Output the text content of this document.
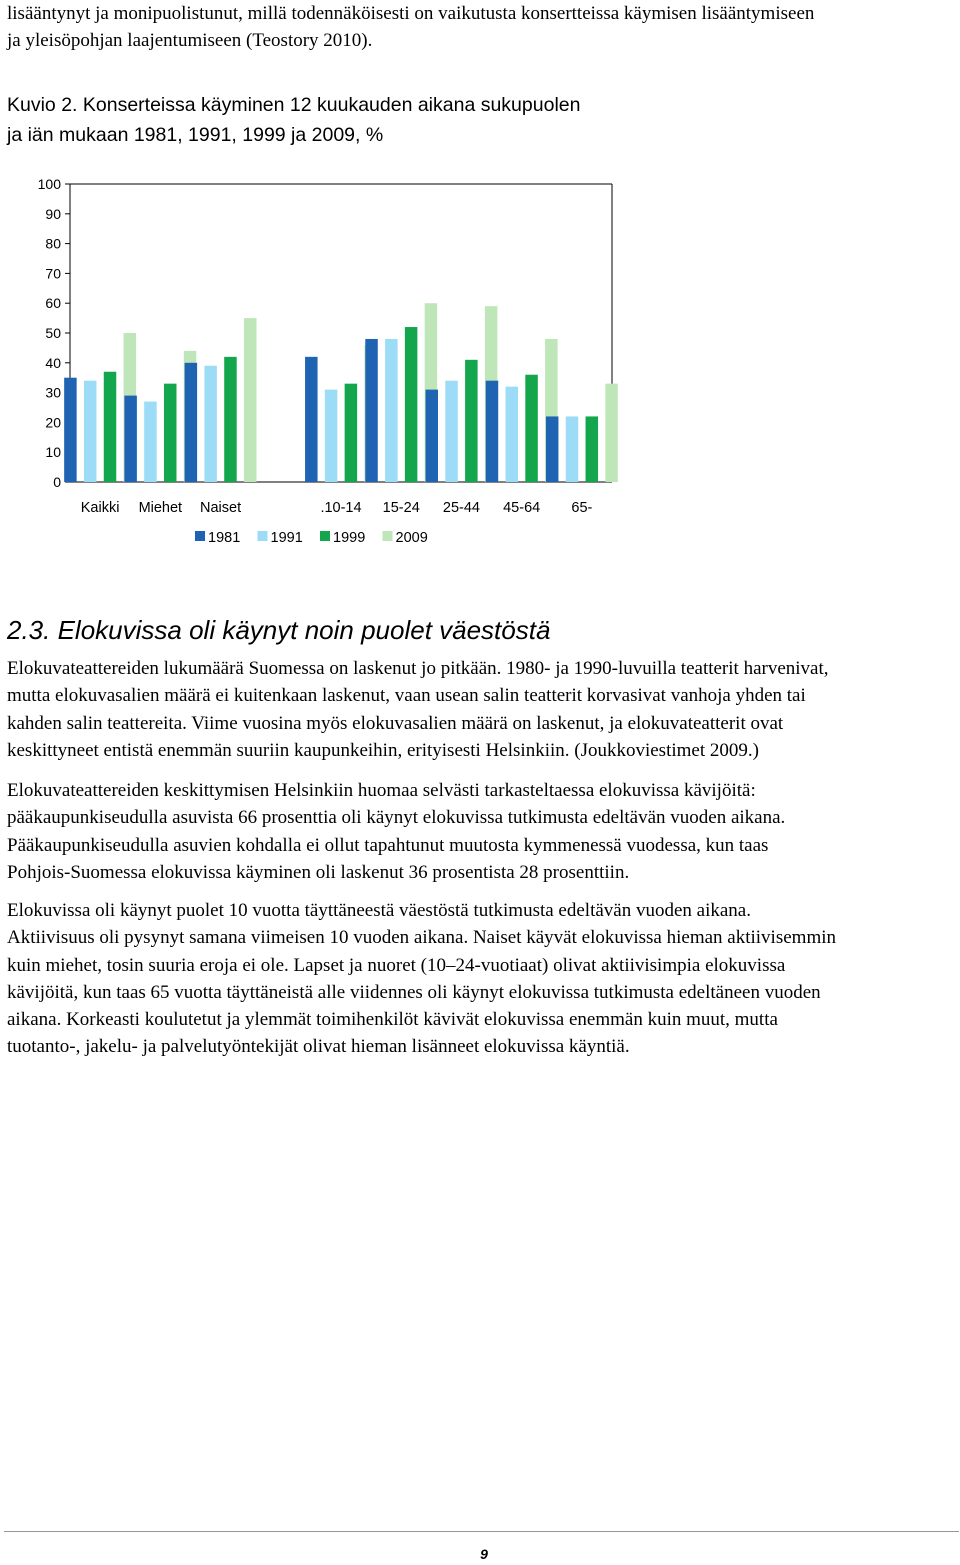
lisääntynyt ja monipuolistunut, millä todennäköisesti on vaikutusta konsertteissa käymisen lisääntymiseen
ja yleisöpohjan laajentumiseen (Teostory 2010).
Kuvio 2. Konserteissa käyminen 12 kuukauden aikana sukupuolen
ja iän mukaan 1981, 1991, 1999 ja 2009, %
0
10
20
30
40
50
60
70
80
90
100
Kaikki Miehet Naiset	.10-14 15-24 25-44 45-64 65-
1981 1991 1999 2009
2.3. Elokuvissa oli käynyt noin puolet väestöstä
Elokuvateattereiden lukumäärä Suomessa on laskenut jo pitkään. 1980- ja 1990-luvuilla teatterit harvenivat,
mutta elokuvasalien määrä ei kuitenkaan laskenut, vaan usean salin teatterit korvasivat vanhoja yhden tai
kahden salin teattereita. Viime vuosina myös elokuvasalien määrä on laskenut, ja elokuvateatterit ovat
keskittyneet entistä enemmän suuriin kaupunkeihin, erityisesti Helsinkiin. (Joukkoviestimet 2009.)
Elokuvateattereiden keskittymisen Helsinkiin huomaa selvästi tarkasteltaessa elokuvissa kävijöitä:
pääkaupunkiseudulla asuvista 66 prosenttia oli käynyt elokuvissa tutkimusta edeltävän vuoden aikana.
Pääkaupunkiseudulla asuvien kohdalla ei ollut tapahtunut muutosta kymmenessä vuodessa, kun taas
Pohjois-Suomessa elokuvissa käyminen oli laskenut 36 prosentista 28 prosenttiin.
Elokuvissa oli käynyt puolet 10 vuotta täyttäneestä väestöstä tutkimusta edeltävän vuoden aikana.
Aktiivisuus oli pysynyt samana viimeisen 10 vuoden aikana. Naiset käyvät elokuvissa hieman aktiivisemmin
kuin miehet, tosin suuria eroja ei ole. Lapset ja nuoret (10–24-vuotiaat) olivat aktiivisimpia elokuvissa
kävijöitä, kun taas 65 vuotta täyttäneistä alle viidennes oli käynyt elokuvissa tutkimusta edeltäneen vuoden
aikana. Korkeasti koulutetut ja ylemmät toimihenkilöt kävivät elokuvissa enemmän kuin muut, mutta
tuotanto-, jakelu- ja palvelutyöntekijät olivat hieman lisänneet elokuvissa käyntiä.
9
